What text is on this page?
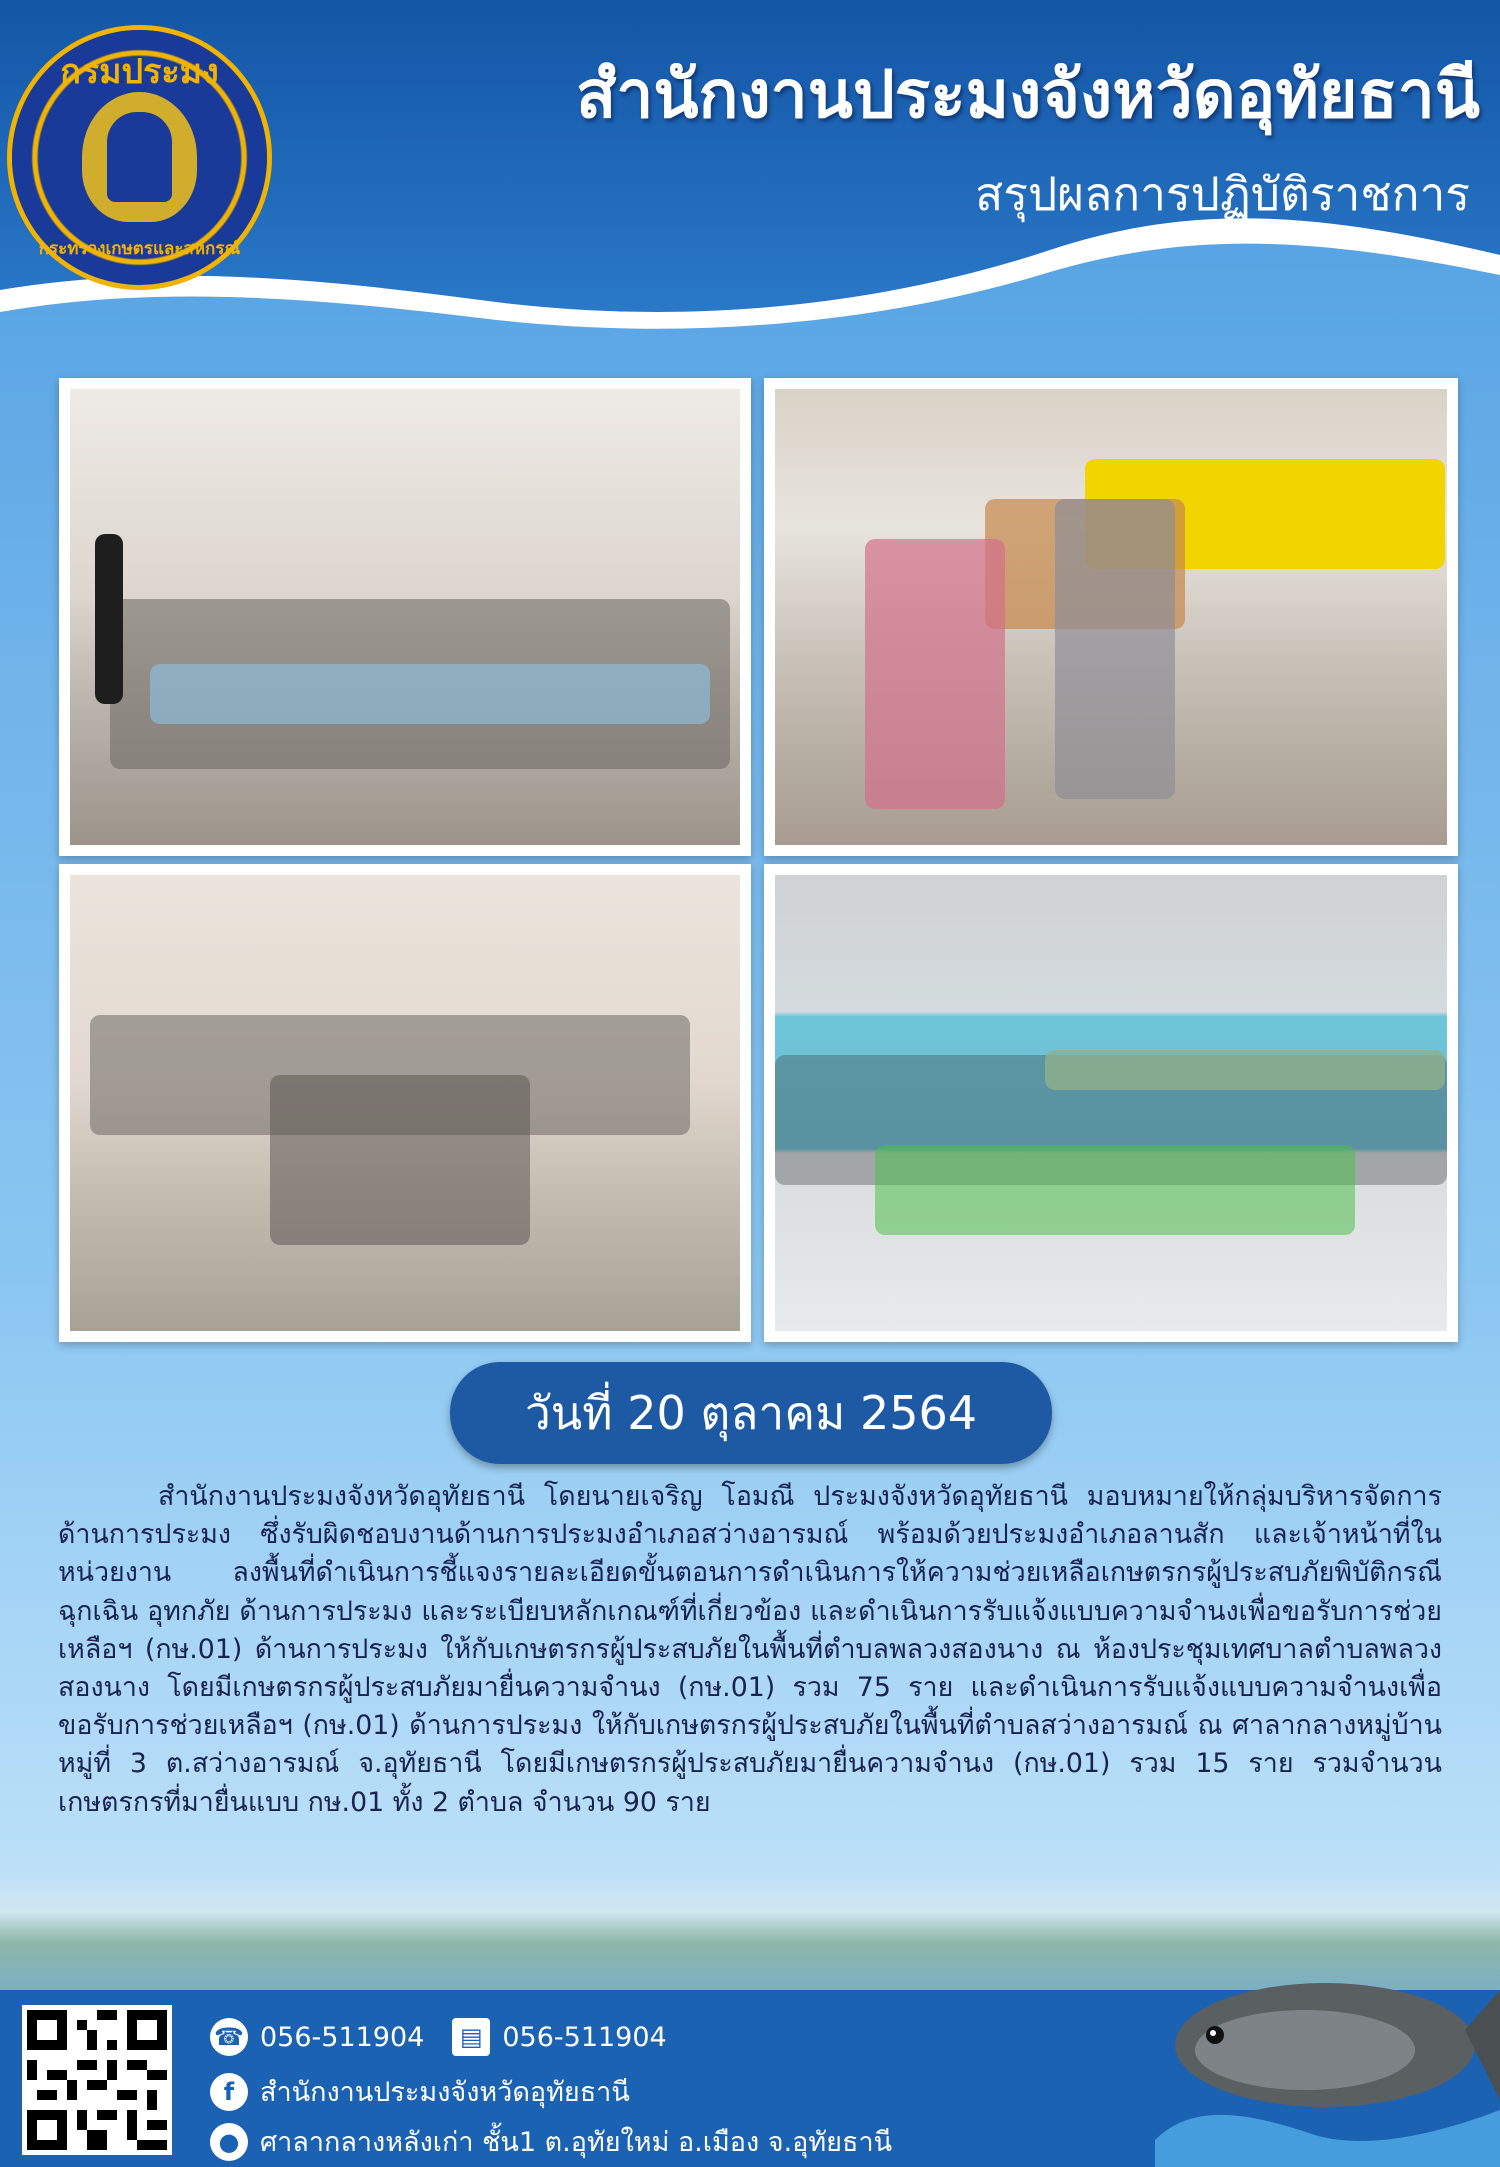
กรมประมง
กระทรวงเกษตรและสหกรณ์
สำนักงานประมงจังหวัดอุทัยธานี
สรุปผลการปฏิบัติราชการ
วันที่ 20 ตุลาคม 2564
สำนักงานประมงจังหวัดอุทัยธานี โดยนายเจริญ โอมณี ประมงจังหวัดอุทัยธานี มอบหมายให้กลุ่มบริหารจัดการด้านการประมง ซึ่งรับผิดชอบงานด้านการประมงอำเภอสว่างอารมณ์ พร้อมด้วยประมงอำเภอลานสัก และเจ้าหน้าที่ในหน่วยงาน ลงพื้นที่ดำเนินการชี้แจงรายละเอียดขั้นตอนการดำเนินการให้ความช่วยเหลือเกษตรกรผู้ประสบภัยพิบัติกรณีฉุกเฉิน อุทกภัย ด้านการประมง และระเบียบหลักเกณฑ์ที่เกี่ยวข้อง และดำเนินการรับแจ้งแบบความจำนงเพื่อขอรับการช่วยเหลือฯ (กษ.01) ด้านการประมง ให้กับเกษตรกรผู้ประสบภัยในพื้นที่ตำบลพลวงสองนาง ณ ห้องประชุมเทศบาลตำบลพลวงสองนาง โดยมีเกษตรกรผู้ประสบภัยมายื่นความจำนง (กษ.01) รวม 75 ราย และดำเนินการรับแจ้งแบบความจำนงเพื่อขอรับการช่วยเหลือฯ (กษ.01) ด้านการประมง ให้กับเกษตรกรผู้ประสบภัยในพื้นที่ตำบลสว่างอารมณ์ ณ ศาลากลางหมู่บ้าน หมู่ที่ 3 ต.สว่างอารมณ์ จ.อุทัยธานี โดยมีเกษตรกรผู้ประสบภัยมายื่นความจำนง (กษ.01) รวม 15 ราย รวมจำนวนเกษตรกรที่มายื่นแบบ กษ.01 ทั้ง 2 ตำบล จำนวน 90 ราย
☎ 056-511904	▤ 056-511904
f สำนักงานประมงจังหวัดอุทัยธานี
● ศาลากลางหลังเก่า ชั้น1 ต.อุทัยใหม่ อ.เมือง จ.อุทัยธานี
